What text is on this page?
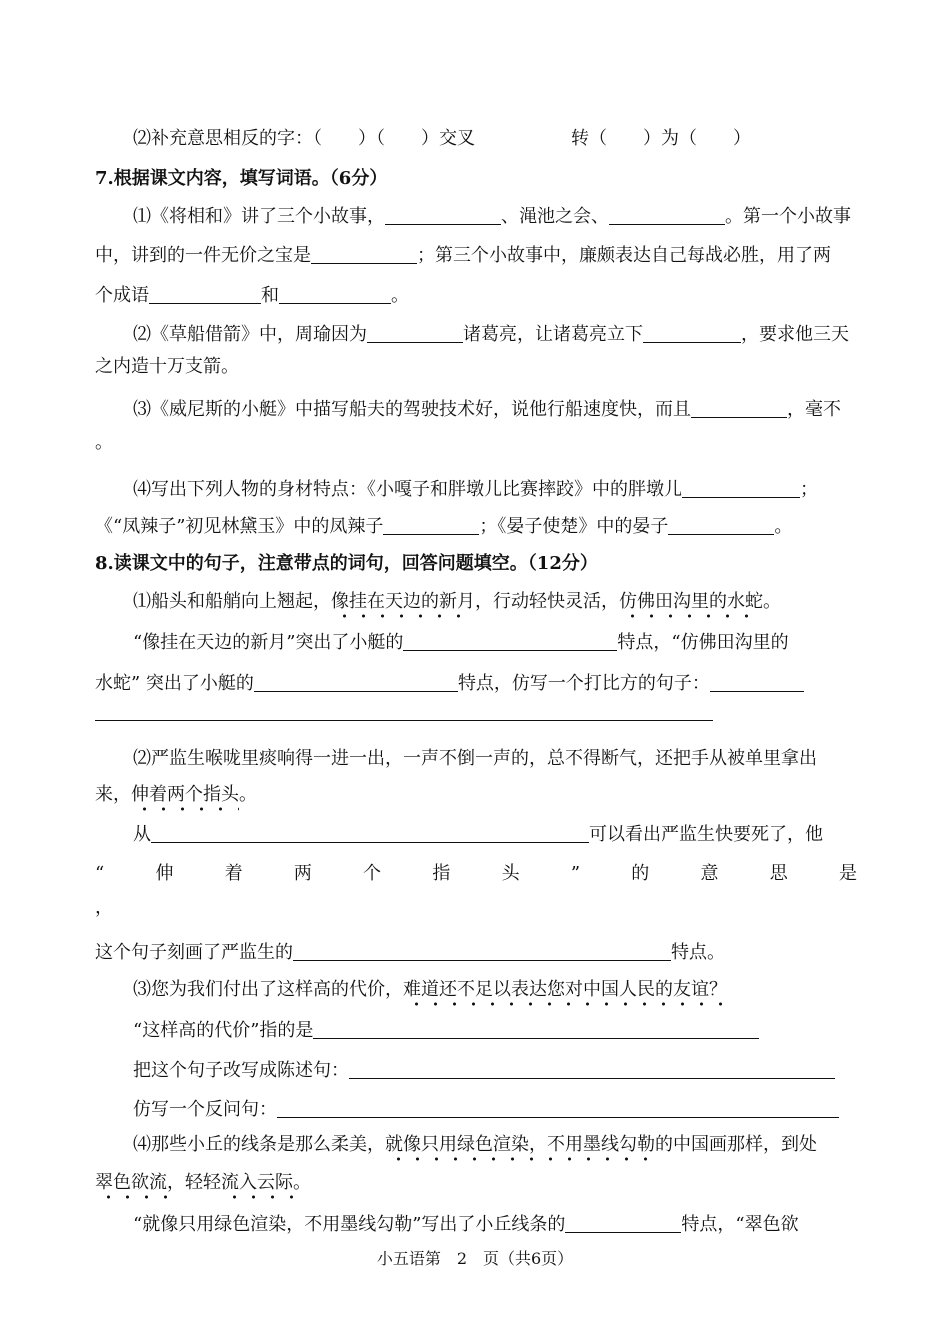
⑵补充意思相反的字：（　　）（　　）交叉	转（　　）为（　　）
7.根据课文内容，填写词语。（6分）
⑴《将相和》讲了三个小故事，	、渑池之会、	。第一个小故事
中，讲到的一件无价之宝是	；第三个小故事中，廉颇表达自己每战必胜，用了两
个成语	和	。
⑵《草船借箭》中，周瑜因为	诸葛亮，让诸葛亮立下	，要求他三天
之内造十万支箭。
⑶《威尼斯的小艇》中描写船夫的驾驶技术好，说他行船速度快，而且	，毫不
。
⑷写出下列人物的身材特点：《小嘎子和胖墩儿比赛摔跤》中的胖墩儿	；
《“凤辣子”初见林黛玉》中的凤辣子	；《晏子使楚》中的晏子	。
8.读课文中的句子，注意带点的词句，回答问题填空。（12分）
⑴船头和船艄向上翘起，像挂在天边的新月，行动轻快灵活，仿佛田沟里的水蛇。
“像挂在天边的新月”突出了小艇的	特点，“仿佛田沟里的
水蛇” 突出了小艇的	特点，仿写一个打比方的句子：
⑵严监生喉咙里痰响得一进一出，一声不倒一声的，总不得断气，还把手从被单里拿出
来，伸着两个指头。
从	可以看出严监生快要死了，他
“	伸	着	两	个	指	头	”	的	意	思	是
，
这个句子刻画了严监生的	特点。
⑶您为我们付出了这样高的代价，难道还不足以表达您对中国人民的友谊？
“这样高的代价”指的是
把这个句子改写成陈述句：
仿写一个反问句：
⑷那些小丘的线条是那么柔美，就像只用绿色渲染，不用墨线勾勒的中国画那样，到处
翠色欲流，轻轻流入云际。
“就像只用绿色渲染，不用墨线勾勒”写出了小丘线条的	特点，“翠色欲
小五语第　2　页（共6页）
